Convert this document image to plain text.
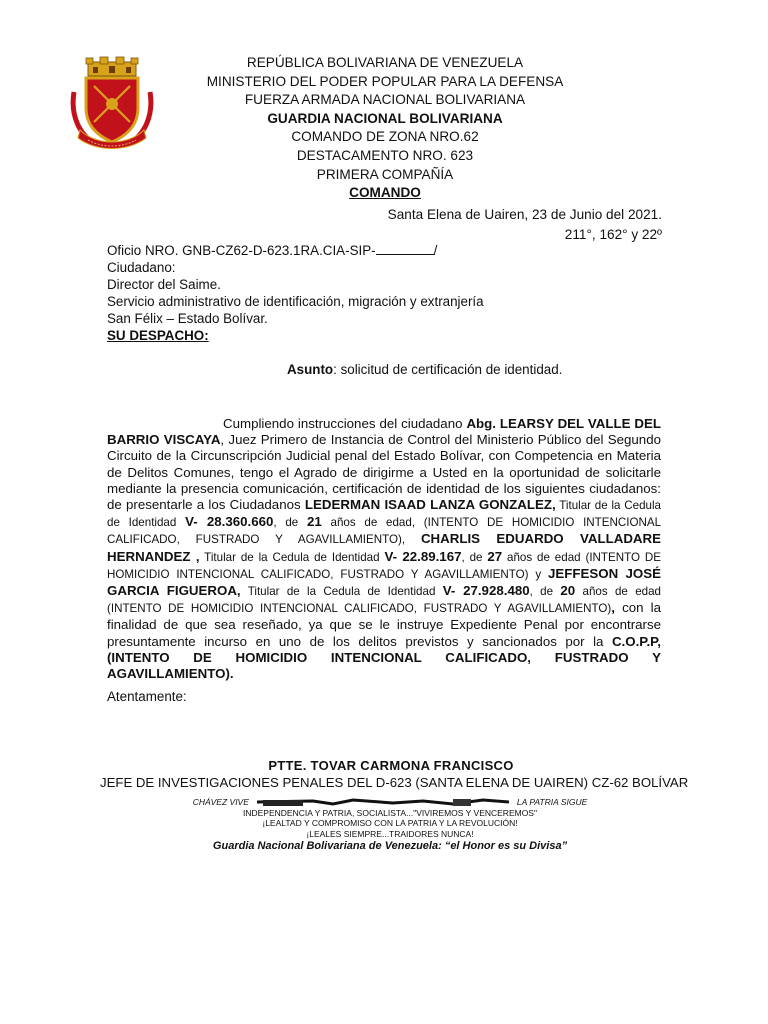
REPÚBLICA BOLIVARIANA DE VENEZUELA
MINISTERIO DEL PODER POPULAR PARA LA DEFENSA
FUERZA ARMADA NACIONAL BOLIVARIANA
GUARDIA NACIONAL BOLIVARIANA
COMANDO DE ZONA NRO.62
DESTACAMENTO NRO. 623
PRIMERA COMPAÑÍA
COMANDO
Santa Elena de Uairen, 23 de Junio del 2021.
211°, 162° y 22º
Oficio NRO. GNB-CZ62-D-623.1RA.CIA-SIP-	/
Ciudadano:
Director del Saime.
Servicio administrativo de identificación, migración y extranjería
San Félix – Estado Bolívar.
SU DESPACHO:
Asunto: solicitud de certificación de identidad.
Cumpliendo instrucciones del ciudadano Abg. LEARSY DEL VALLE DEL BARRIO VISCAYA, Juez Primero de Instancia de Control del Ministerio Público del Segundo Circuito de la Circunscripción Judicial penal del Estado Bolívar, con Competencia en Materia de Delitos Comunes, tengo el Agrado de dirigirme a Usted en la oportunidad de solicitarle mediante la presencia comunicación, certificación de identidad de los siguientes ciudadanos: de presentarle a los Ciudadanos LEDERMAN ISAAD LANZA GONZALEZ, Titular de la Cedula de Identidad V- 28.360.660, de 21 años de edad, (INTENTO DE HOMICIDIO INTENCIONAL CALIFICADO, FUSTRADO Y AGAVILLAMIENTO), CHARLIS EDUARDO VALLADARE HERNANDEZ , Titular de la Cedula de Identidad V- 22.89.167, de 27 años de edad (INTENTO DE HOMICIDIO INTENCIONAL CALIFICADO, FUSTRADO Y AGAVILLAMIENTO) y JEFFESON JOSÉ GARCIA FIGUEROA, Titular de la Cedula de Identidad V- 27.928.480, de 20 años de edad (INTENTO DE HOMICIDIO INTENCIONAL CALIFICADO, FUSTRADO Y AGAVILLAMIENTO), con la finalidad de que sea reseñado, ya que se le instruye Expediente Penal por encontrarse presuntamente incurso en uno de los delitos previstos y sancionados por la C.O.P.P, (INTENTO DE HOMICIDIO INTENCIONAL CALIFICADO, FUSTRADO Y AGAVILLAMIENTO).
Atentamente:
PTTE. TOVAR CARMONA FRANCISCO
JEFE DE INVESTIGACIONES PENALES DEL D-623 (SANTA ELENA DE UAIREN) CZ-62 BOLÍVAR
CHÁVEZ VIVE	LA PATRIA SIGUE
INDEPENDENCIA Y PATRIA, SOCIALISTA..."VIVIREMOS Y VENCEREMOS"
¡LEALTAD Y COMPROMISO CON LA PATRIA Y LA REVOLUCIÓN!
¡LEALES SIEMPRE...TRAIDORES NUNCA!
Guardia Nacional Bolivariana de Venezuela: “el Honor es su Divisa”
